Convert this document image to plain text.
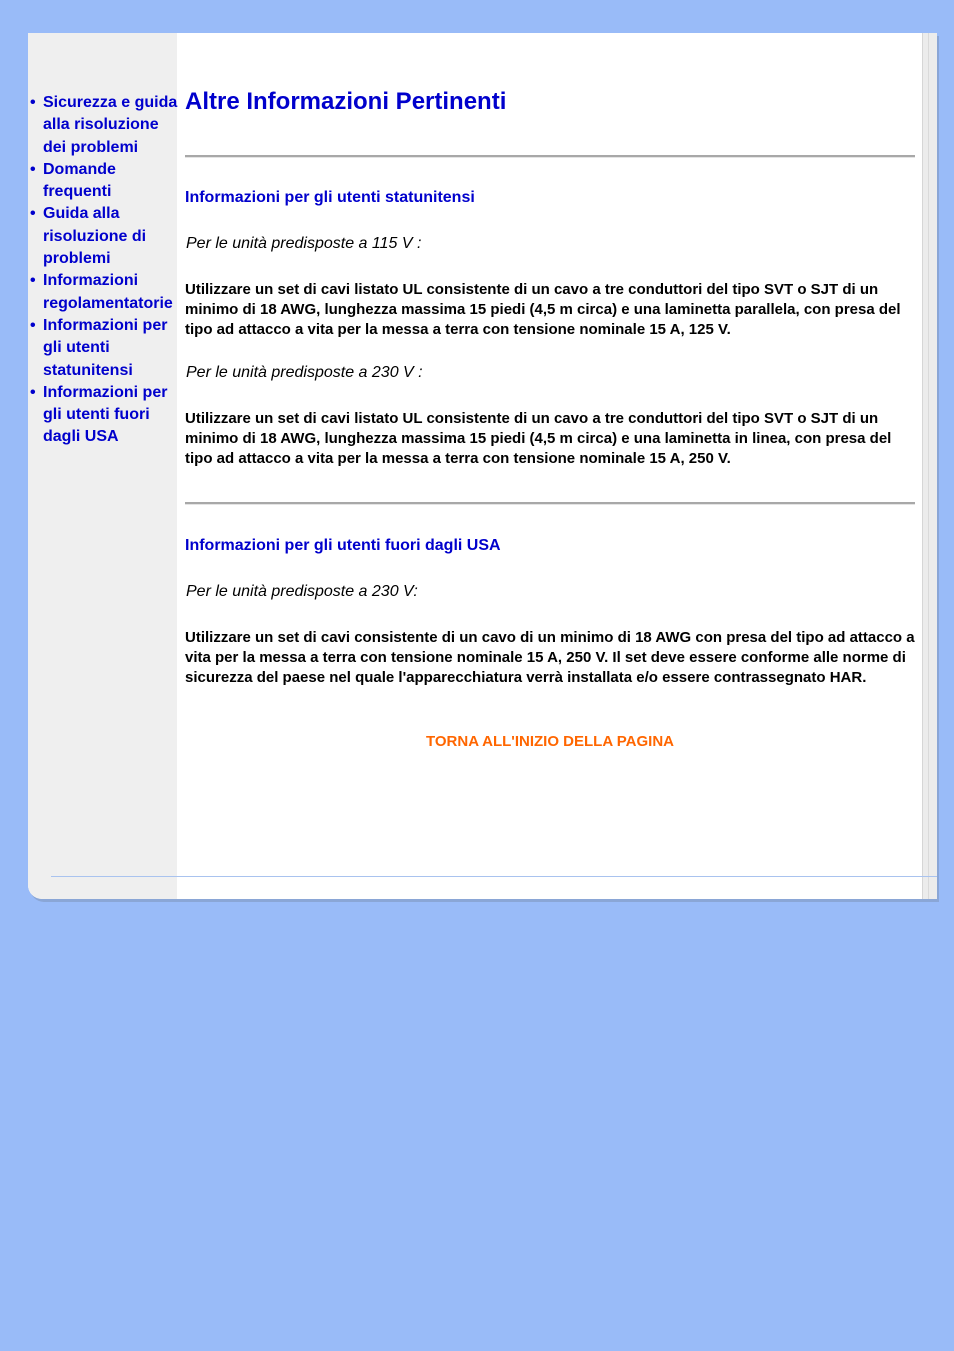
• Sicurezza e guida alla risoluzione dei problemi
• Domande frequenti
• Guida alla risoluzione di problemi
• Informazioni regolamentatorie
• Informazioni per gli utenti statunitensi
• Informazioni per gli utenti fuori dagli USA
Altre Informazioni Pertinenti
Informazioni per gli utenti statunitensi

Per le unità predisposte a 115 V :

Utilizzare un set di cavi listato UL consistente di un cavo a tre conduttori del tipo SVT o SJT di un minimo di 18 AWG, lunghezza massima 15 piedi (4,5 m circa) e una laminetta parallela, con presa del tipo ad attacco a vita per la messa a terra con tensione nominale 15 A, 125 V.

Per le unità predisposte a 230 V :

Utilizzare un set di cavi listato UL consistente di un cavo a tre conduttori del tipo SVT o SJT di un minimo di 18 AWG, lunghezza massima 15 piedi (4,5 m circa) e una laminetta in linea, con presa del tipo ad attacco a vita per la messa a terra con tensione nominale 15 A, 250 V.

Informazioni per gli utenti fuori dagli USA

Per le unità predisposte a 230 V:

Utilizzare un set di cavi consistente di un cavo di un minimo di 18 AWG con presa del tipo ad attacco a vita per la messa a terra con tensione nominale 15 A, 250 V. Il set deve essere conforme alle norme di sicurezza del paese nel quale l'apparecchiatura verrà installata e/o essere contrassegnato HAR.

TORNA ALL'INIZIO DELLA PAGINA
